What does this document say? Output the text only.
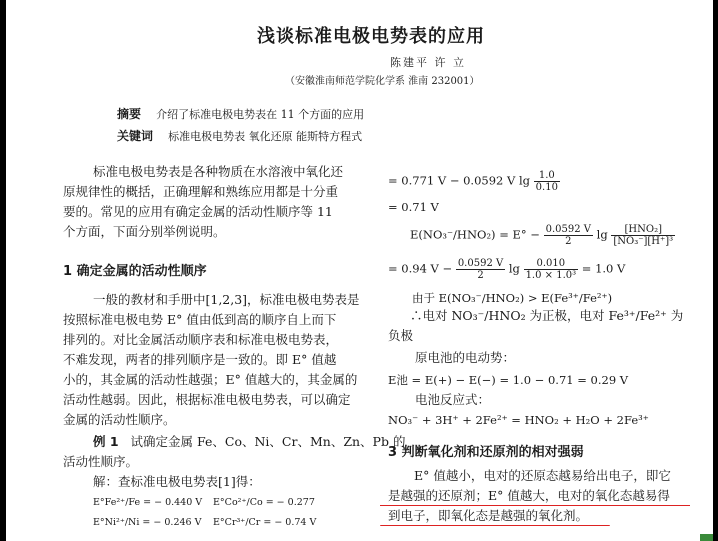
浅谈标准电极电势表的应用
陈建平 许 立
（安徽淮南师范学院化学系 淮南 232001）
摘要 介绍了标准电极电势表在 11 个方面的应用
关键词 标准电极电势表 氧化还原 能斯特方程式
标准电极电势表是各种物质在水溶液中氧化还
原规律性的概括，正确理解和熟练应用都是十分重
要的。常见的应用有确定金属的活动性顺序等 11
个方面，下面分别举例说明。
1 确定金属的活动性顺序
一般的教材和手册中[1,2,3]，标准电极电势表是
按照标准电极电势 E° 值由低到高的顺序自上而下
排列的。对比金属活动顺序表和标准电极电势表，
不难发现，两者的排列顺序是一致的。即 E° 值越
小的，其金属的活动性越强；E° 值越大的，其金属的
活动性越弱。因此，根据标准电极电势表，可以确定
金属的活动性顺序。
例 1 试确定金属 Fe、Co、Ni、Cr、Mn、Zn、Pb 的
活动性顺序。
解：查标准电极电势表[1]得：
E°Fe²⁺/Fe = − 0.440 V E°Co²⁺/Co = − 0.277
E°Ni²⁺/Ni = − 0.246 V E°Cr³⁺/Cr = − 0.74 V
= 0.771 V − 0.0592 V $\lg \frac{1.0}{0.10}$
= 0.71 V
$E(NO_3^-/HNO_2) = E^\circ - \frac{0.0592 V}{2}$ $\lg \frac{\text{[HNO₂]}}{\text{[NO₃⁻][H⁺]³}}$
= 0.94 $V - \frac{0.0592 V}{2}$ $\lg \frac{0.010}{\text{1.0 × 1.0³}} = 1.0$ V
由于 E(NO₃⁻/HNO₂) > E(Fe³⁺/Fe²⁺)
∴电对 NO₃⁻/HNO₂ 为正极，电对 Fe³⁺/Fe²⁺ 为
负极
原电池的电动势：
E池 = E(+) − E(−) = 1.0 − 0.71 = 0.29 V
电池反应式：
NO₃⁻ + 3H⁺ + 2Fe²⁺ = HNO₂ + H₂O + 2Fe³⁺
3 判断氧化剂和还原剂的相对强弱
E° 值越小，电对的还原态越易给出电子，即它
是越强的还原剂；E° 值越大，电对的氧化态越易得
到电子，即氧化态是越强的氧化剂。
